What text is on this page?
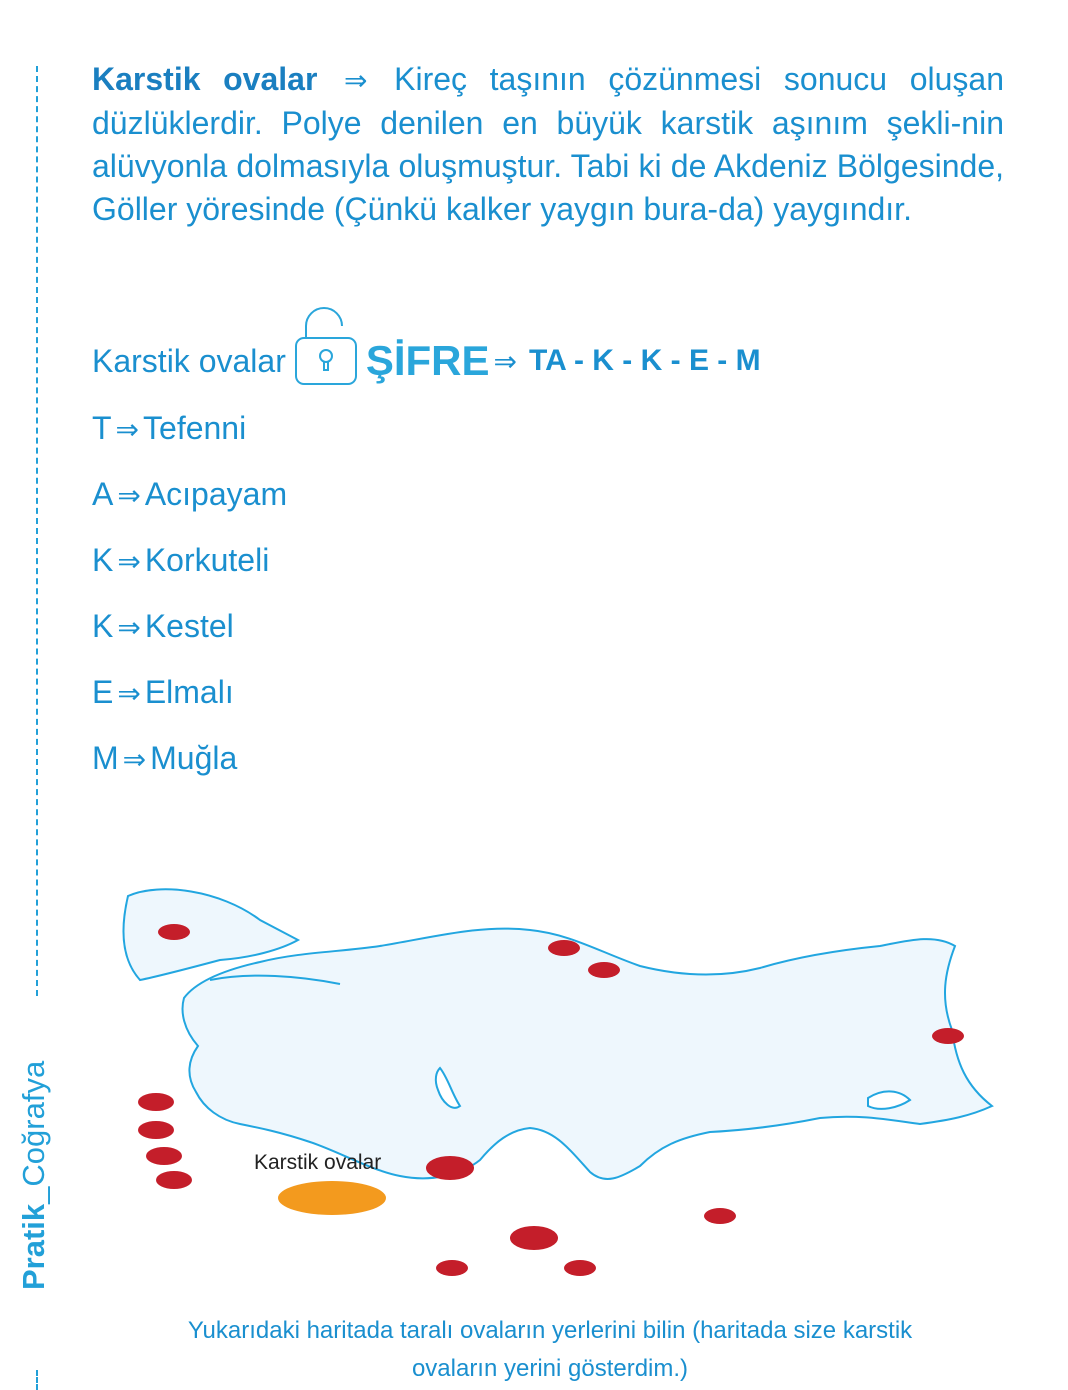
Pratik_Coğrafya
Karstik ovalar ⇒ Kireç taşının çözünmesi sonucu oluşan düzlüklerdir. Polye denilen en büyük karstik aşınım şekli-nin alüvyonla dolmasıyla oluşmuştur. Tabi ki de Akdeniz Bölgesinde, Göller yöresinde (Çünkü kalker yaygın bura-da) yaygındır.
Karstik ovalar ŞİFRE ⇒ TA - K - K - E - M
T ⇒ Tefenni
A ⇒ Acıpayam
K ⇒ Korkuteli
K ⇒ Kestel
E ⇒ Elmalı
M ⇒ Muğla
Karstik ovalar
Yukarıdaki haritada taralı ovaların yerlerini bilin (haritada size karstik
ovaların yerini gösterdim.)
